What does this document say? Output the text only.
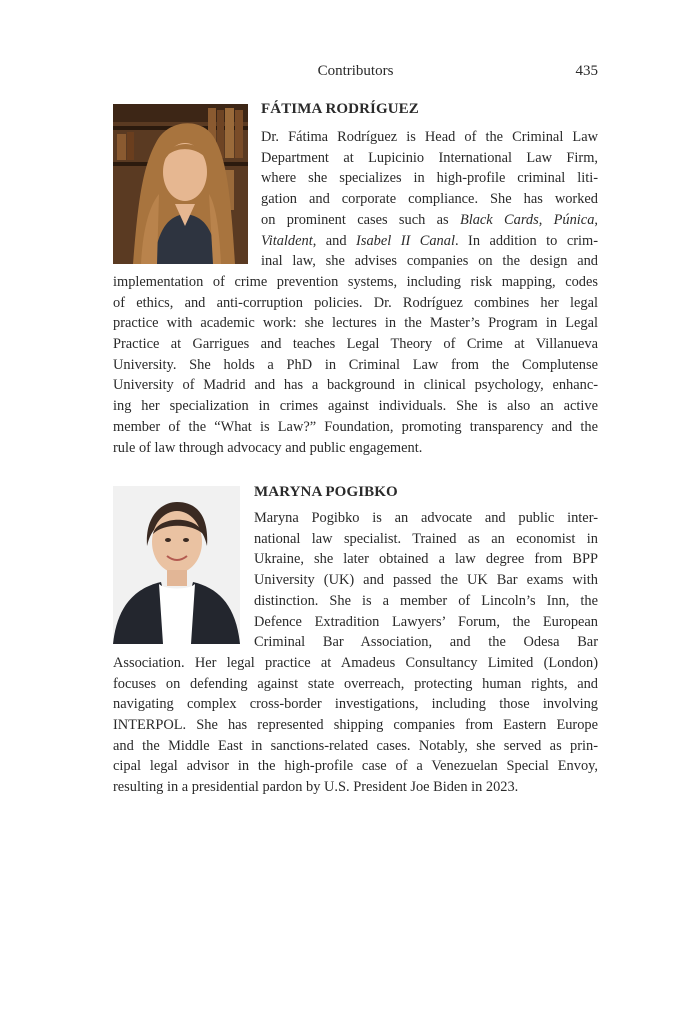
Contributors	435
FÁTIMA RODRÍGUEZ
MARYNA POGIBKO
Dr. Fátima Rodríguez is Head of the Criminal Law
Department at Lupicinio International Law Firm,
where she specializes in high-profile criminal liti-
gation and corporate compliance. She has worked
on prominent cases such as Black Cards, Púnica,
Vitaldent, and Isabel II Canal. In addition to crim-
inal law, she advises companies on the design and
implementation of crime prevention systems, including risk mapping, codes
of ethics, and anti-corruption policies. Dr. Rodríguez combines her legal
practice with academic work: she lectures in the Master’s Program in Legal
Practice at Garrigues and teaches Legal Theory of Crime at Villanueva
University. She holds a PhD in Criminal Law from the Complutense
University of Madrid and has a background in clinical psychology, enhanc-
ing her specialization in crimes against individuals. She is also an active
member of the “What is Law?” Foundation, promoting transparency and the
rule of law through advocacy and public engagement.
Maryna Pogibko is an advocate and public inter-
national law specialist. Trained as an economist in
Ukraine, she later obtained a law degree from BPP
University (UK) and passed the UK Bar exams with
distinction. She is a member of Lincoln’s Inn, the
Defence Extradition Lawyers’ Forum, the European
Criminal Bar Association, and the Odesa Bar
Association. Her legal practice at Amadeus Consultancy Limited (London)
focuses on defending against state overreach, protecting human rights, and
navigating complex cross-border investigations, including those involving
INTERPOL. She has represented shipping companies from Eastern Europe
and the Middle East in sanctions-related cases. Notably, she served as prin-
cipal legal advisor in the high-profile case of a Venezuelan Special Envoy,
resulting in a presidential pardon by U.S. President Joe Biden in 2023.
